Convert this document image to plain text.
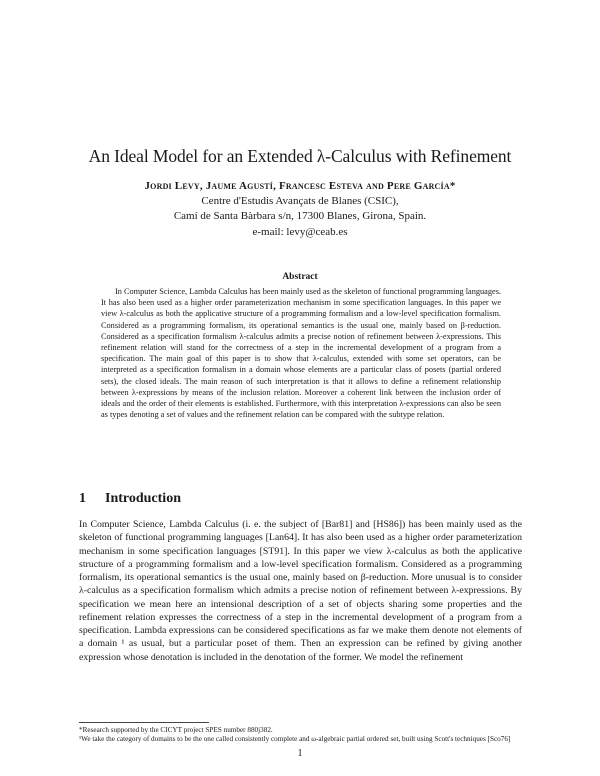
An Ideal Model for an Extended λ-Calculus with Refinement
Jordi Levy, Jaume Agustí, Francesc Esteva and Pere García*
Centre d'Estudis Avançats de Blanes (CSIC),
Camí de Santa Bàrbara s/n, 17300 Blanes, Girona, Spain.
e-mail: levy@ceab.es
Abstract

In Computer Science, Lambda Calculus has been mainly used as the skeleton of functional programming languages. It has also been used as a higher order parameterization mechanism in some specification languages. In this paper we view λ-calculus as both the applicative structure of a programming formalism and a low-level specification formalism. Considered as a programming formalism, its operational semantics is the usual one, mainly based on β-reduction. Considered as a specification formalism λ-calculus admits a precise notion of refinement between λ-expressions. This refinement relation will stand for the correctness of a step in the incremental development of a program from a specification. The main goal of this paper is to show that λ-calculus, extended with some set operators, can be interpreted as a specification formalism in a domain whose elements are a particular class of posets (partial ordered sets), the closed ideals. The main reason of such interpretation is that it allows to define a refinement relationship between λ-expressions by means of the inclusion relation. Moreover a coherent link between the inclusion order of ideals and the order of their elements is established. Furthermore, with this interpretation λ-expressions can also be seen as types denoting a set of values and the refinement relation can be compared with the subtype relation.

1 Introduction

In Computer Science, Lambda Calculus (i. e. the subject of [Bar81] and [HS86]) has been mainly used as the skeleton of functional programming languages [Lan64]. It has also been used as a higher order parameterization mechanism in some specification languages [ST91]. In this paper we view λ-calculus as both the applicative structure of a programming formalism and a low-level specification formalism. Considered as a programming formalism, its operational semantics is the usual one, mainly based on β-reduction. More unusual is to consider λ-calculus as a specification formalism which admits a precise notion of refinement between λ-expressions. By specification we mean here an intensional description of a set of objects sharing some properties and the refinement relation expresses the correctness of a step in the incremental development of a program from a specification. Lambda expressions can be considered specifications as far we make them denote not elements of a domain ¹ as usual, but a particular poset of them. Then an expression can be refined by giving another expression whose denotation is included in the denotation of the former. We model the refinement

*Research supported by the CICYT project SPES number 880j382.

¹We take the category of domains to be the one called consistently complete and ω-algebraic partial ordered set, built using Scott's techniques [Sco76]

1
